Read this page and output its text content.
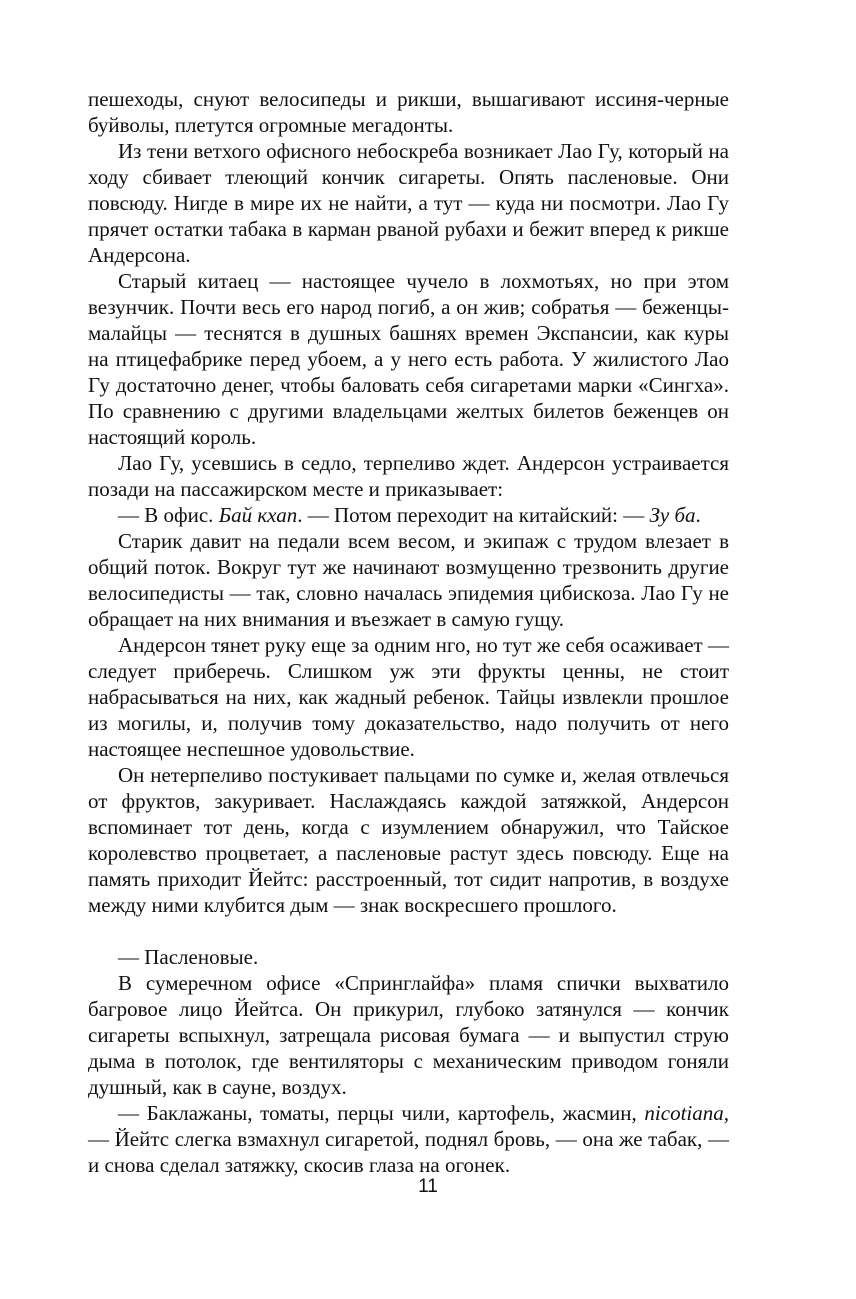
пешеходы, снуют велосипеды и рикши, вышагивают иссиня-черные буйволы, плетутся огромные мегадонты.

Из тени ветхого офисного небоскреба возникает Лао Гу, который на ходу сбивает тлеющий кончик сигареты. Опять пасленовые. Они повсюду. Нигде в мире их не найти, а тут — куда ни посмотри. Лао Гу прячет остатки табака в карман рваной рубахи и бежит вперед к рикше Андерсона.

Старый китаец — настоящее чучело в лохмотьях, но при этом везунчик. Почти весь его народ погиб, а он жив; собратья — беженцы-малайцы — теснятся в душных башнях времен Экспансии, как куры на птицефабрике перед убоем, а у него есть работа. У жилистого Лао Гу достаточно денег, чтобы баловать себя сигаретами марки «Сингха». По сравнению с другими владельцами желтых билетов беженцев он настоящий король.

Лао Гу, усевшись в седло, терпеливо ждет. Андерсон устраивается позади на пассажирском месте и приказывает:

— В офис. Бай кхап. — Потом переходит на китайский: — Зу ба.

Старик давит на педали всем весом, и экипаж с трудом влезает в общий поток. Вокруг тут же начинают возмущенно трезвонить другие велосипедисты — так, словно началась эпидемия цибискоза. Лао Гу не обращает на них внимания и въезжает в самую гущу.

Андерсон тянет руку еще за одним нго, но тут же себя осаживает — следует приберечь. Слишком уж эти фрукты ценны, не стоит набрасываться на них, как жадный ребенок. Тайцы извлекли прошлое из могилы, и, получив тому доказательство, надо получить от него настоящее неспешное удовольствие.

Он нетерпеливо постукивает пальцами по сумке и, желая отвлечься от фруктов, закуривает. Наслаждаясь каждой затяжкой, Андерсон вспоминает тот день, когда с изумлением обнаружил, что Тайское королевство процветает, а пасленовые растут здесь повсюду. Еще на память приходит Йейтс: расстроенный, тот сидит напротив, в воздухе между ними клубится дым — знак воскресшего прошлого.

— Пасленовые.

В сумеречном офисе «Спринглайфа» пламя спички выхватило багровое лицо Йейтса. Он прикурил, глубоко затянулся — кончик сигареты вспыхнул, затрещала рисовая бумага — и выпустил струю дыма в потолок, где вентиляторы с механическим приводом гоняли душный, как в сауне, воздух.

— Баклажаны, томаты, перцы чили, картофель, жасмин, nicotiana, — Йейтс слегка взмахнул сигаретой, поднял бровь, — она же табак, — и снова сделал затяжку, скосив глаза на огонек.

11
